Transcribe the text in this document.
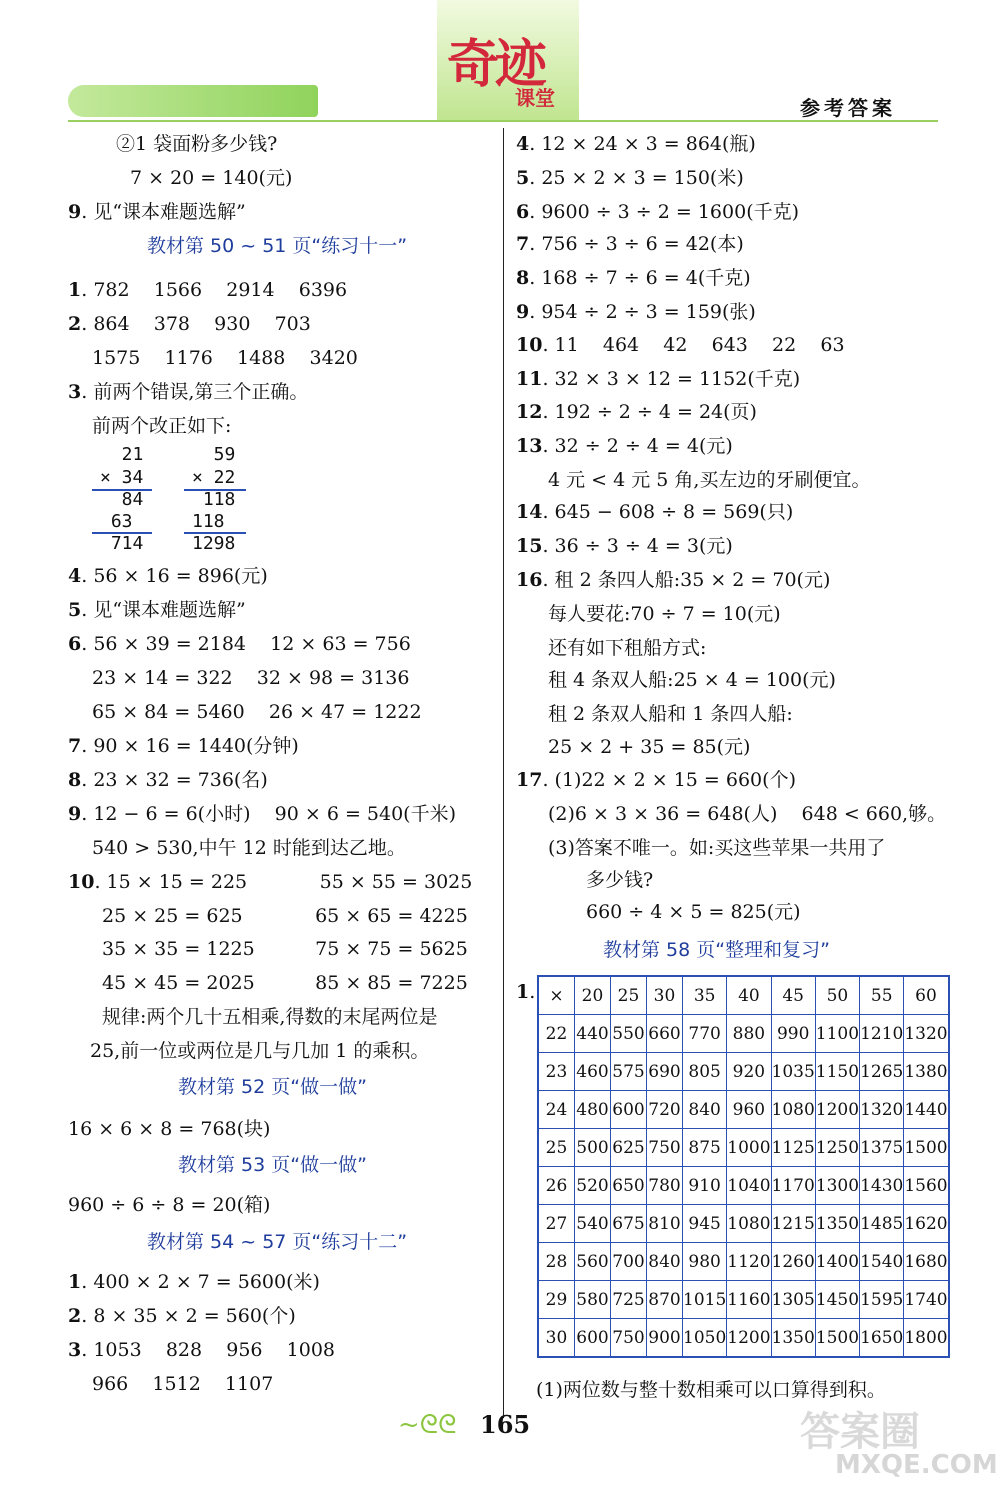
奇迹
课堂	参考答案
②1 袋面粉多少钱?
7 × 20 = 140(元)
9. 见“课本难题选解”
教材第 50 ~ 51 页“练习十一”
1. 782    1566    2914    6396
2. 864    378    930    703
1575    1176    1488    3420
3. 前两个错误,第三个正确。
前两个改正如下:
4. 56 × 16 = 896(元)
5. 见“课本难题选解”
6. 56 × 39 = 2184    12 × 63 = 756
23 × 14 = 322    32 × 98 = 3136
65 × 84 = 5460    26 × 47 = 1222
7. 90 × 16 = 1440(分钟)
8. 23 × 32 = 736(名)
9. 12 − 6 = 6(小时)    90 × 6 = 540(千米)
540 > 530,中午 12 时能到达乙地。
10. 15 × 15 = 225            55 × 55 = 3025
25 × 25 = 625            65 × 65 = 4225
35 × 35 = 1225          75 × 75 = 5625
45 × 45 = 2025          85 × 85 = 7225
规律:两个几十五相乘,得数的末尾两位是
25,前一位或两位是几与几加 1 的乘积。
教材第 52 页“做一做”
16 × 6 × 8 = 768(块)
教材第 53 页“做一做”
960 ÷ 6 ÷ 8 = 20(箱)
教材第 54 ~ 57 页“练习十二”
1. 400 × 2 × 7 = 5600(米)
2. 8 × 35 × 2 = 560(个)
3. 1053    828    956    1008
966    1512    1107
21
× 34
84
63
714
59
× 22
118
118
1298
4. 12 × 24 × 3 = 864(瓶)
5. 25 × 2 × 3 = 150(米)
6. 9600 ÷ 3 ÷ 2 = 1600(千克)
7. 756 ÷ 3 ÷ 6 = 42(本)
8. 168 ÷ 7 ÷ 6 = 4(千克)
9. 954 ÷ 2 ÷ 3 = 159(张)
10. 11    464    42    643    22    63
11. 32 × 3 × 12 = 1152(千克)
12. 192 ÷ 2 ÷ 4 = 24(页)
13. 32 ÷ 2 ÷ 4 = 4(元)
4 元 < 4 元 5 角,买左边的牙刷便宜。
14. 645 − 608 ÷ 8 = 569(只)
15. 36 ÷ 3 ÷ 4 = 3(元)
16. 租 2 条四人船:35 × 2 = 70(元)
每人要花:70 ÷ 7 = 10(元)
还有如下租船方式:
租 4 条双人船:25 × 4 = 100(元)
租 2 条双人船和 1 条四人船:
25 × 2 + 35 = 85(元)
17. (1)22 × 2 × 15 = 660(个)
(2)6 × 3 × 36 = 648(人)    648 < 660,够。
(3)答案不唯一。如:买这些苹果一共用了
多少钱?
660 ÷ 4 × 5 = 825(元)
教材第 58 页“整理和复习”
1.
(1)两位数与整十数相乘可以口算得到积。
×	20	25	30	35	40	45	50	55	60
22	440	550	660	770	880	990	1100	1210	1320
23	460	575	690	805	920	1035	1150	1265	1380
24	480	600	720	840	960	1080	1200	1320	1440
25	500	625	750	875	1000	1125	1250	1375	1500
26	520	650	780	910	1040	1170	1300	1430	1560
27	540	675	810	945	1080	1215	1350	1485	1620
28	560	700	840	980	1120	1260	1400	1540	1680
29	580	725	870	1015	1160	1305	1450	1595	1740
30	600	750	900	1050	1200	1350	1500	1650	1800
~ᘓᘓ 165	答案圈
MXQE.COM
